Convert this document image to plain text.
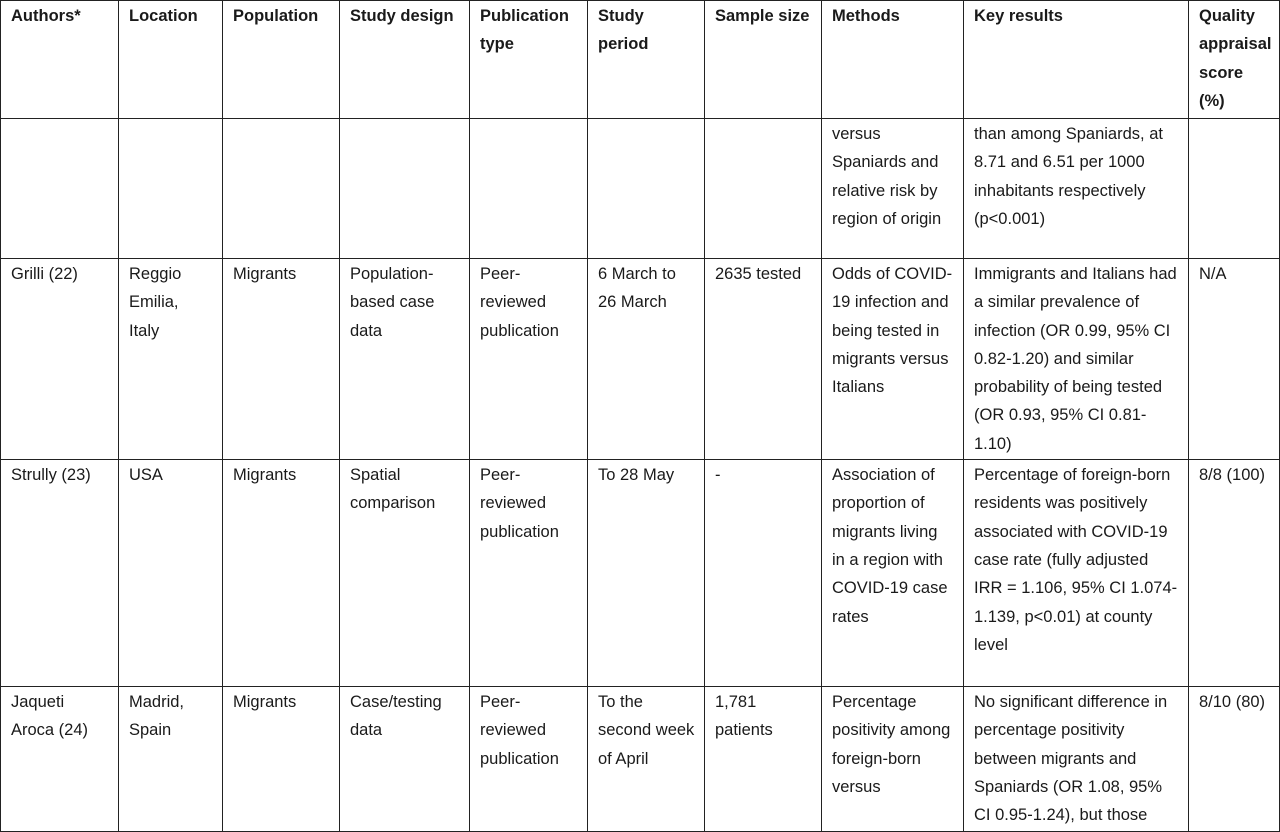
Authors*	Location	Population	Study design	Publication type	Study period	Sample size	Methods	Key results	Quality appraisal score (%)
							versus Spaniards and relative risk by region of origin	than among Spaniards, at 8.71 and 6.51 per 1000 inhabitants respectively (p<0.001)	
Grilli (22)	Reggio Emilia, Italy	Migrants	Population-based case data	Peer-reviewed publication	6 March to 26 March	2635 tested	Odds of COVID-19 infection and being tested in migrants versus Italians	Immigrants and Italians had a similar prevalence of infection (OR 0.99, 95% CI 0.82-1.20) and similar probability of being tested (OR 0.93, 95% CI 0.81-1.10)	N/A
Strully (23)	USA	Migrants	Spatial comparison	Peer-reviewed publication	To 28 May	-	Association of proportion of migrants living in a region with COVID-19 case rates	Percentage of foreign-born residents was positively associated with COVID-19 case rate (fully adjusted IRR = 1.106, 95% CI 1.074-1.139, p<0.01) at county level	8/8 (100)
Jaqueti Aroca (24)	Madrid, Spain	Migrants	Case/testing data	Peer-reviewed publication	To the second week of April	1,781 patients	Percentage positivity among foreign-born versus	No significant difference in percentage positivity between migrants and Spaniards (OR 1.08, 95% CI 0.95-1.24), but those	8/10 (80)
